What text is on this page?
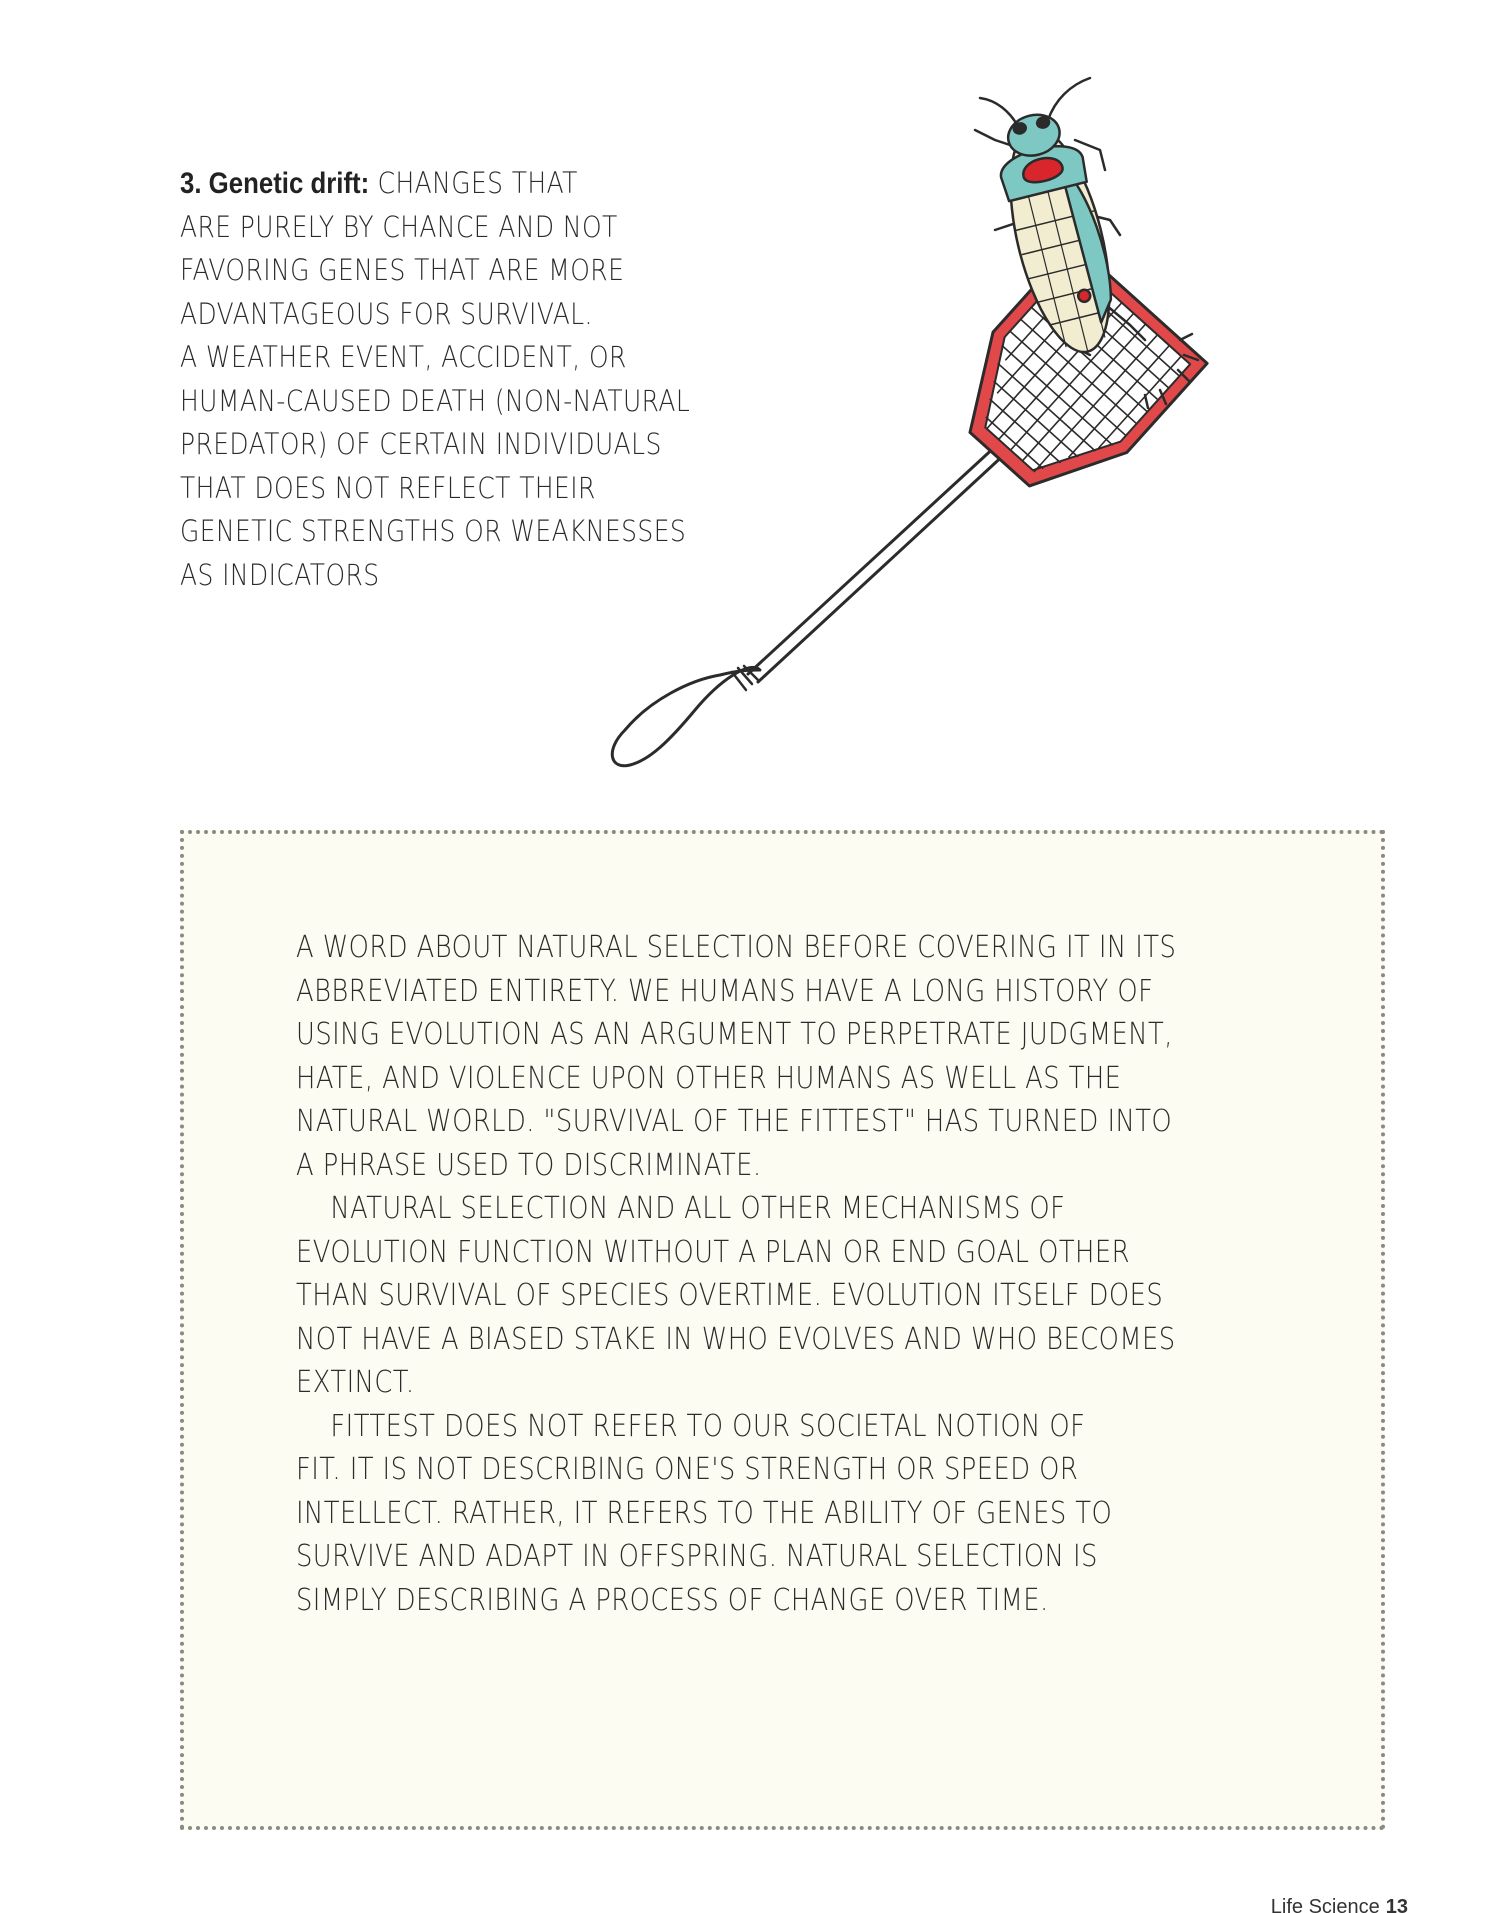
3. Genetic drift: CHANGES THAT
ARE PURELY BY CHANCE AND NOT
FAVORING GENES THAT ARE MORE
ADVANTAGEOUS FOR SURVIVAL.
A WEATHER EVENT, ACCIDENT, OR
HUMAN-CAUSED DEATH (NON-NATURAL
PREDATOR) OF CERTAIN INDIVIDUALS
THAT DOES NOT REFLECT THEIR
GENETIC STRENGTHS OR WEAKNESSES
AS INDICATORS
A WORD ABOUT NATURAL SELECTION BEFORE COVERING IT IN ITS
ABBREVIATED ENTIRETY. WE HUMANS HAVE A LONG HISTORY OF
USING EVOLUTION AS AN ARGUMENT TO PERPETRATE JUDGMENT,
HATE, AND VIOLENCE UPON OTHER HUMANS AS WELL AS THE
NATURAL WORLD. "SURVIVAL OF THE FITTEST" HAS TURNED INTO
A PHRASE USED TO DISCRIMINATE.
NATURAL SELECTION AND ALL OTHER MECHANISMS OF
EVOLUTION FUNCTION WITHOUT A PLAN OR END GOAL OTHER
THAN SURVIVAL OF SPECIES OVERTIME. EVOLUTION ITSELF DOES
NOT HAVE A BIASED STAKE IN WHO EVOLVES AND WHO BECOMES
EXTINCT.
FITTEST DOES NOT REFER TO OUR SOCIETAL NOTION OF
FIT. IT IS NOT DESCRIBING ONE'S STRENGTH OR SPEED OR
INTELLECT. RATHER, IT REFERS TO THE ABILITY OF GENES TO
SURVIVE AND ADAPT IN OFFSPRING. NATURAL SELECTION IS
SIMPLY DESCRIBING A PROCESS OF CHANGE OVER TIME.
Life Science 13
